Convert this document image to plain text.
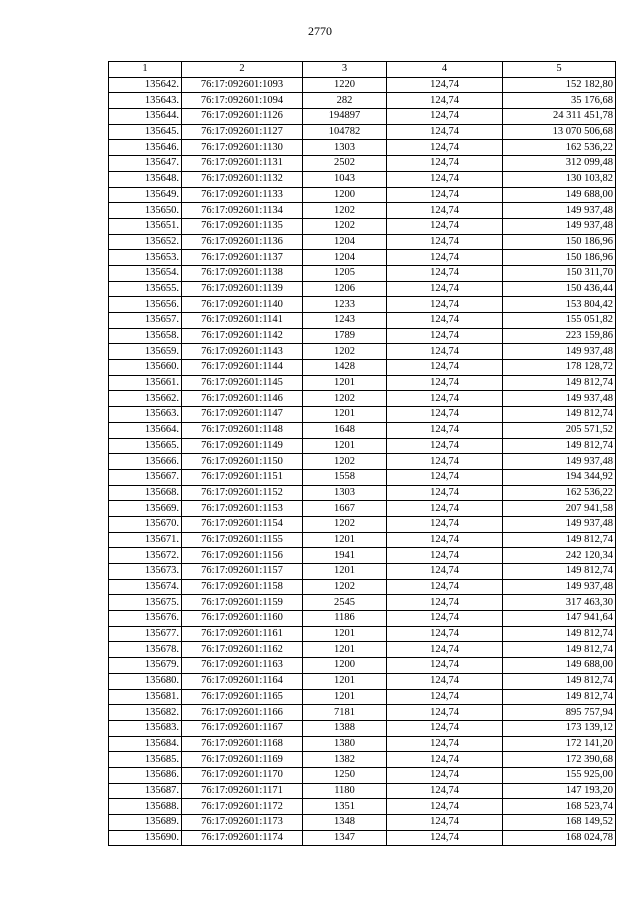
2770
1	2	3	4	5
135642.	76:17:092601:1093	1220	124,74	152 182,80
135643.	76:17:092601:1094	282	124,74	35 176,68
135644.	76:17:092601:1126	194897	124,74	24 311 451,78
135645.	76:17:092601:1127	104782	124,74	13 070 506,68
135646.	76:17:092601:1130	1303	124,74	162 536,22
135647.	76:17:092601:1131	2502	124,74	312 099,48
135648.	76:17:092601:1132	1043	124,74	130 103,82
135649.	76:17:092601:1133	1200	124,74	149 688,00
135650.	76:17:092601:1134	1202	124,74	149 937,48
135651.	76:17:092601:1135	1202	124,74	149 937,48
135652.	76:17:092601:1136	1204	124,74	150 186,96
135653.	76:17:092601:1137	1204	124,74	150 186,96
135654.	76:17:092601:1138	1205	124,74	150 311,70
135655.	76:17:092601:1139	1206	124,74	150 436,44
135656.	76:17:092601:1140	1233	124,74	153 804,42
135657.	76:17:092601:1141	1243	124,74	155 051,82
135658.	76:17:092601:1142	1789	124,74	223 159,86
135659.	76:17:092601:1143	1202	124,74	149 937,48
135660.	76:17:092601:1144	1428	124,74	178 128,72
135661.	76:17:092601:1145	1201	124,74	149 812,74
135662.	76:17:092601:1146	1202	124,74	149 937,48
135663.	76:17:092601:1147	1201	124,74	149 812,74
135664.	76:17:092601:1148	1648	124,74	205 571,52
135665.	76:17:092601:1149	1201	124,74	149 812,74
135666.	76:17:092601:1150	1202	124,74	149 937,48
135667.	76:17:092601:1151	1558	124,74	194 344,92
135668.	76:17:092601:1152	1303	124,74	162 536,22
135669.	76:17:092601:1153	1667	124,74	207 941,58
135670.	76:17:092601:1154	1202	124,74	149 937,48
135671.	76:17:092601:1155	1201	124,74	149 812,74
135672.	76:17:092601:1156	1941	124,74	242 120,34
135673.	76:17:092601:1157	1201	124,74	149 812,74
135674.	76:17:092601:1158	1202	124,74	149 937,48
135675.	76:17:092601:1159	2545	124,74	317 463,30
135676.	76:17:092601:1160	1186	124,74	147 941,64
135677.	76:17:092601:1161	1201	124,74	149 812,74
135678.	76:17:092601:1162	1201	124,74	149 812,74
135679.	76:17:092601:1163	1200	124,74	149 688,00
135680.	76:17:092601:1164	1201	124,74	149 812,74
135681.	76:17:092601:1165	1201	124,74	149 812,74
135682.	76:17:092601:1166	7181	124,74	895 757,94
135683.	76:17:092601:1167	1388	124,74	173 139,12
135684.	76:17:092601:1168	1380	124,74	172 141,20
135685.	76:17:092601:1169	1382	124,74	172 390,68
135686.	76:17:092601:1170	1250	124,74	155 925,00
135687.	76:17:092601:1171	1180	124,74	147 193,20
135688.	76:17:092601:1172	1351	124,74	168 523,74
135689.	76:17:092601:1173	1348	124,74	168 149,52
135690.	76:17:092601:1174	1347	124,74	168 024,78
